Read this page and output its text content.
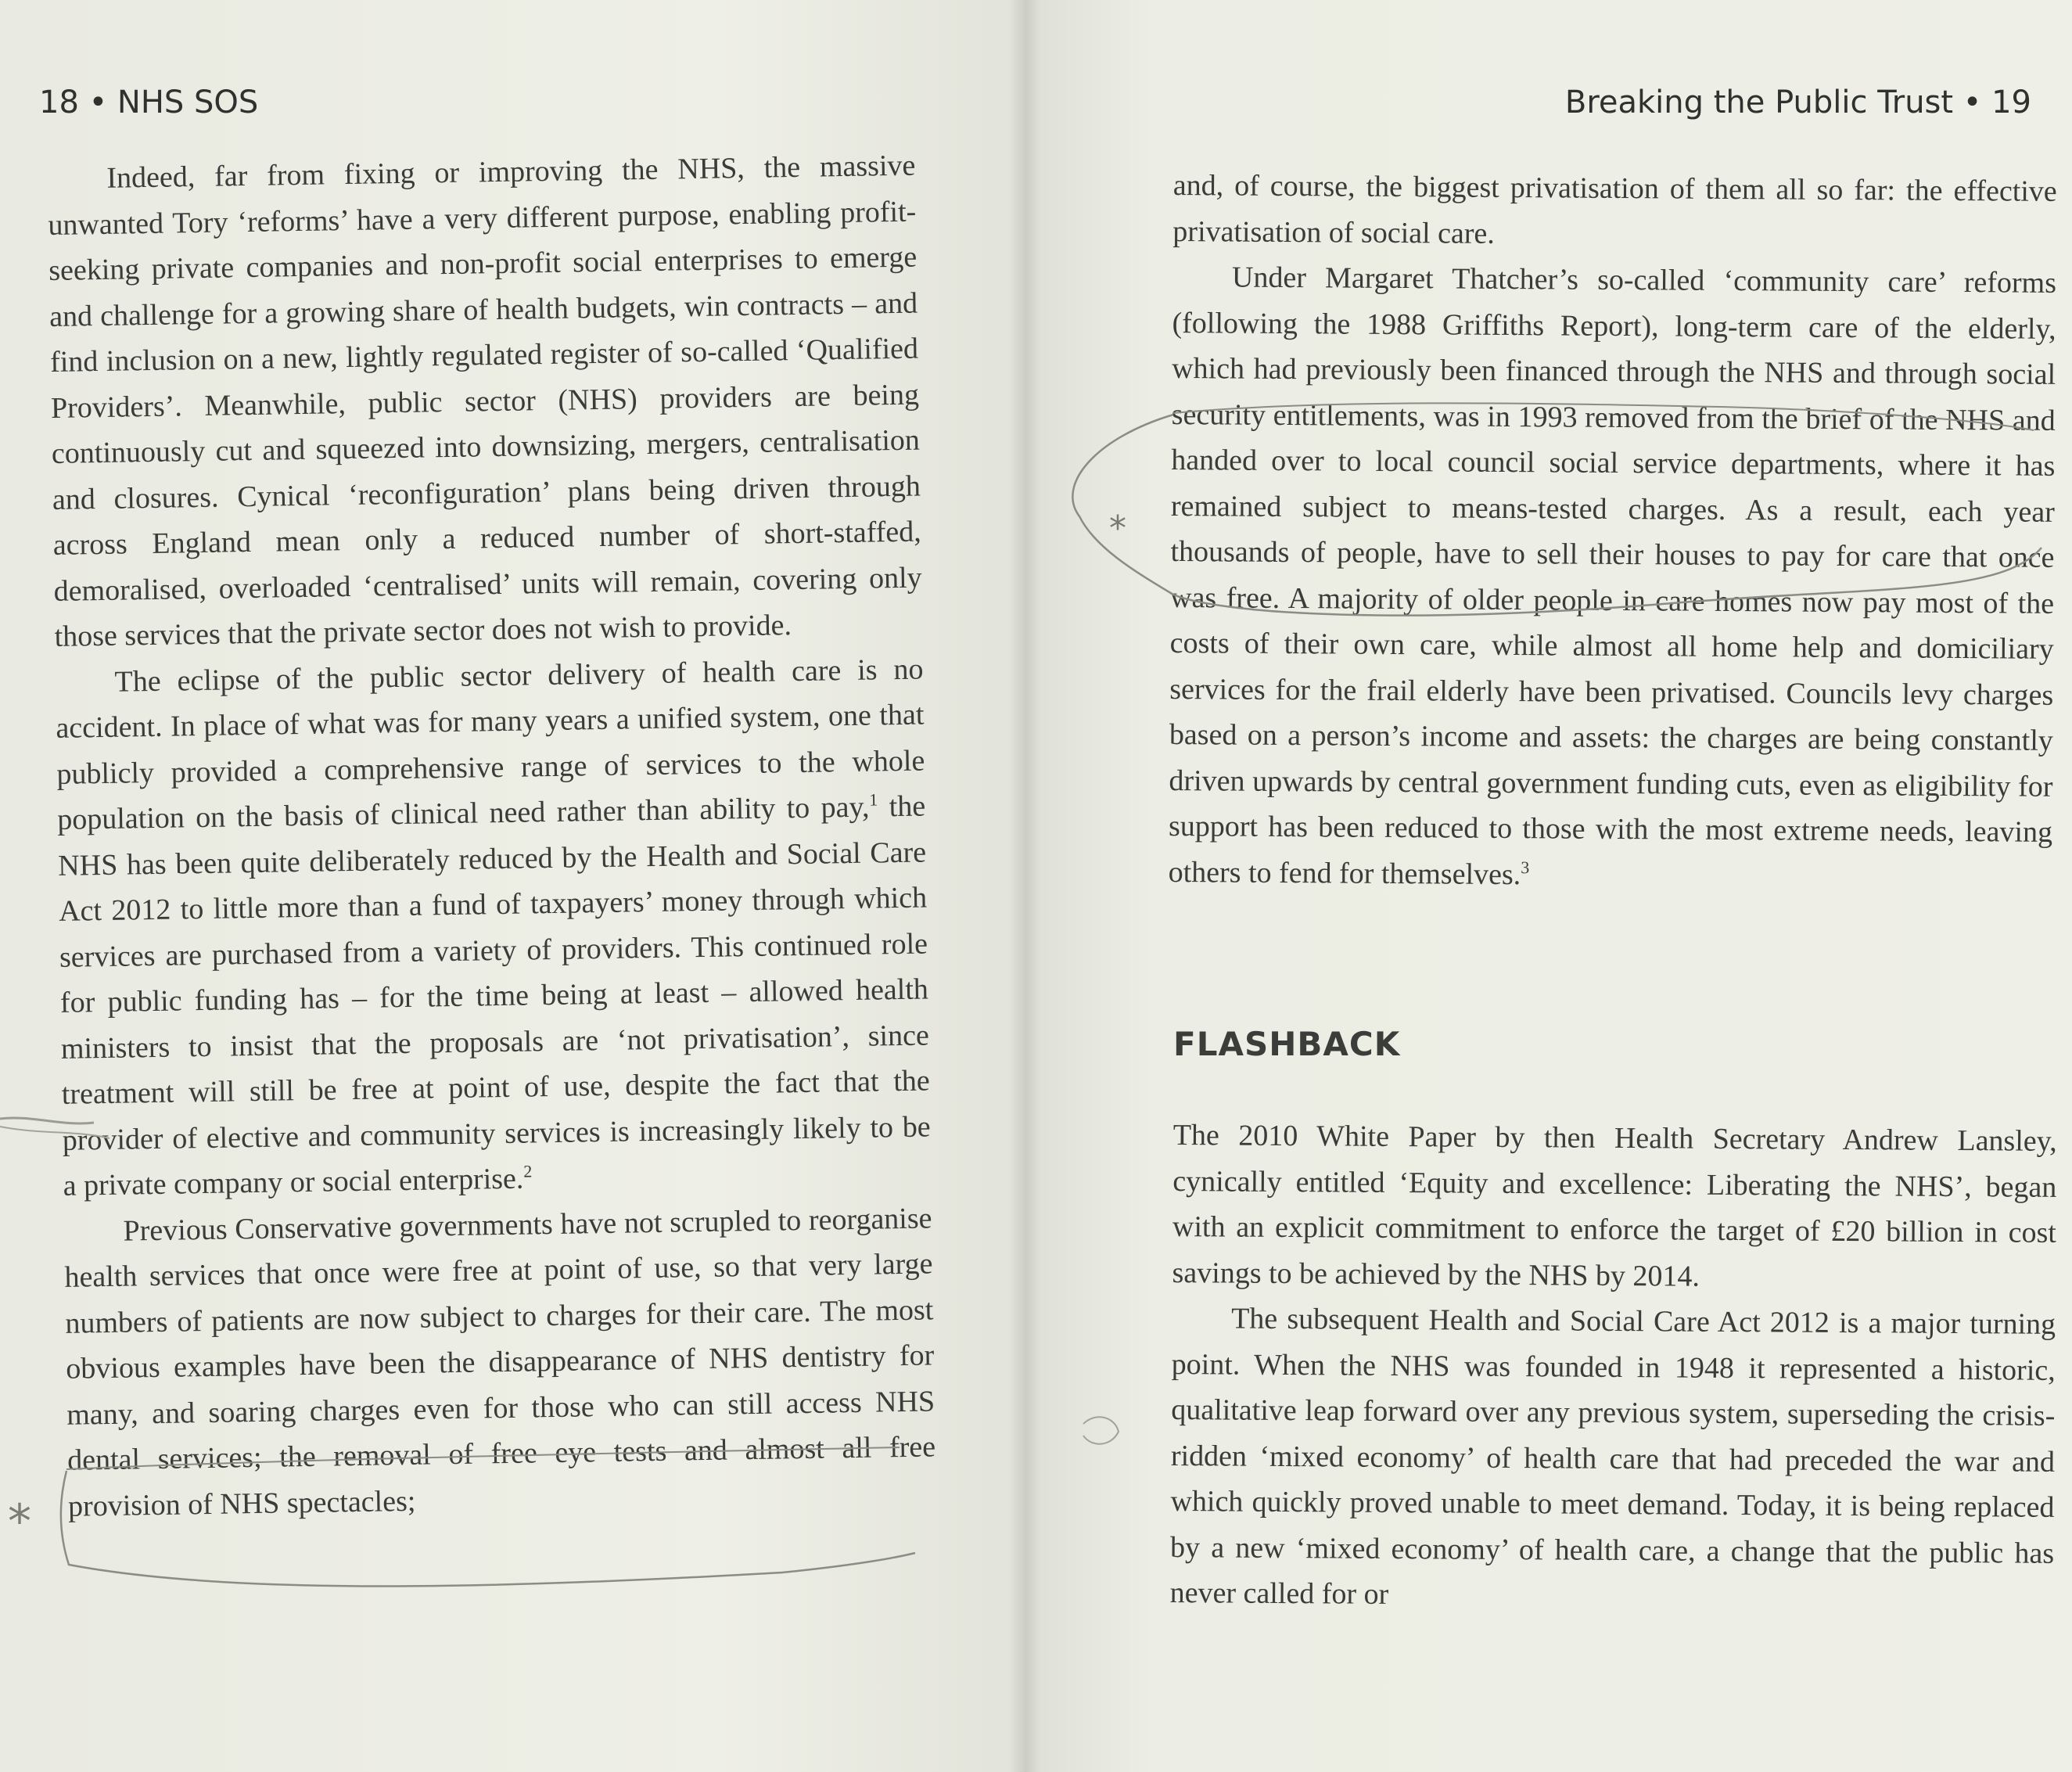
18 • NHS SOS

Indeed, far from fixing or improving the NHS, the massive unwanted Tory ‘reforms’ have a very different purpose, enabling profit-seeking private companies and non-profit social enterprises to emerge and challenge for a growing share of health budgets, win contracts – and find inclusion on a new, lightly regulated register of so-called ‘Qualified Providers’. Meanwhile, public sector (NHS) providers are being continuously cut and squeezed into downsizing, mergers, centralisation and closures. Cynical ‘reconfiguration’ plans being driven through across England mean only a reduced number of short-staffed, demoralised, overloaded ‘centralised’ units will remain, covering only those services that the private sector does not wish to provide.

The eclipse of the public sector delivery of health care is no accident. In place of what was for many years a unified system, one that publicly provided a comprehensive range of services to the whole population on the basis of clinical need rather than ability to pay,$^1$ the NHS has been quite deliberately reduced by the Health and Social Care Act 2012 to little more than a fund of taxpayers’ money through which services are purchased from a variety of providers. This continued role for public funding has – for the time being at least – allowed health ministers to insist that the proposals are ‘not privatisation’, since treatment will still be free at point of use, despite the fact that the provider of elective and community services is increasingly likely to be a private company or social enterprise.$^2$

Previous Conservative governments have not scrupled to reorganise health services that once were free at point of use, so that very large numbers of patients are now subject to charges for their care. The most obvious examples have been the disappearance of NHS dentistry for many, and soaring charges even for those who can still access NHS dental services; the removal of free eye tests and almost all free provision of NHS spectacles;

Breaking the Public Trust • 19

and, of course, the biggest privatisation of them all so far: the effective privatisation of social care.

Under Margaret Thatcher’s so-called ‘community care’ reforms (following the 1988 Griffiths Report), long-term care of the elderly, which had previously been financed through the NHS and through social security entitlements, was in 1993 removed from the brief of the NHS and handed over to local council social service departments, where it has remained subject to means-tested charges. As a result, each year thousands of people, have to sell their houses to pay for care that once was free. A majority of older people in care homes now pay most of the costs of their own care, while almost all home help and domiciliary services for the frail elderly have been privatised. Councils levy charges based on a person’s income and assets: the charges are being constantly driven upwards by central government funding cuts, even as eligibility for support has been reduced to those with the most extreme needs, leaving others to fend for themselves.$^3$

FLASHBACK

The 2010 White Paper by then Health Secretary Andrew Lansley, cynically entitled ‘Equity and excellence: Liberating the NHS’, began with an explicit commitment to enforce the target of £20 billion in cost savings to be achieved by the NHS by 2014.

The subsequent Health and Social Care Act 2012 is a major turning point. When the NHS was founded in 1948 it represented a historic, qualitative leap forward over any previous system, superseding the crisis-ridden ‘mixed economy’ of health care that had preceded the war and which quickly proved unable to meet demand. Today, it is being replaced by a new ‘mixed economy’ of health care, a change that the public has never called for or

*
*
